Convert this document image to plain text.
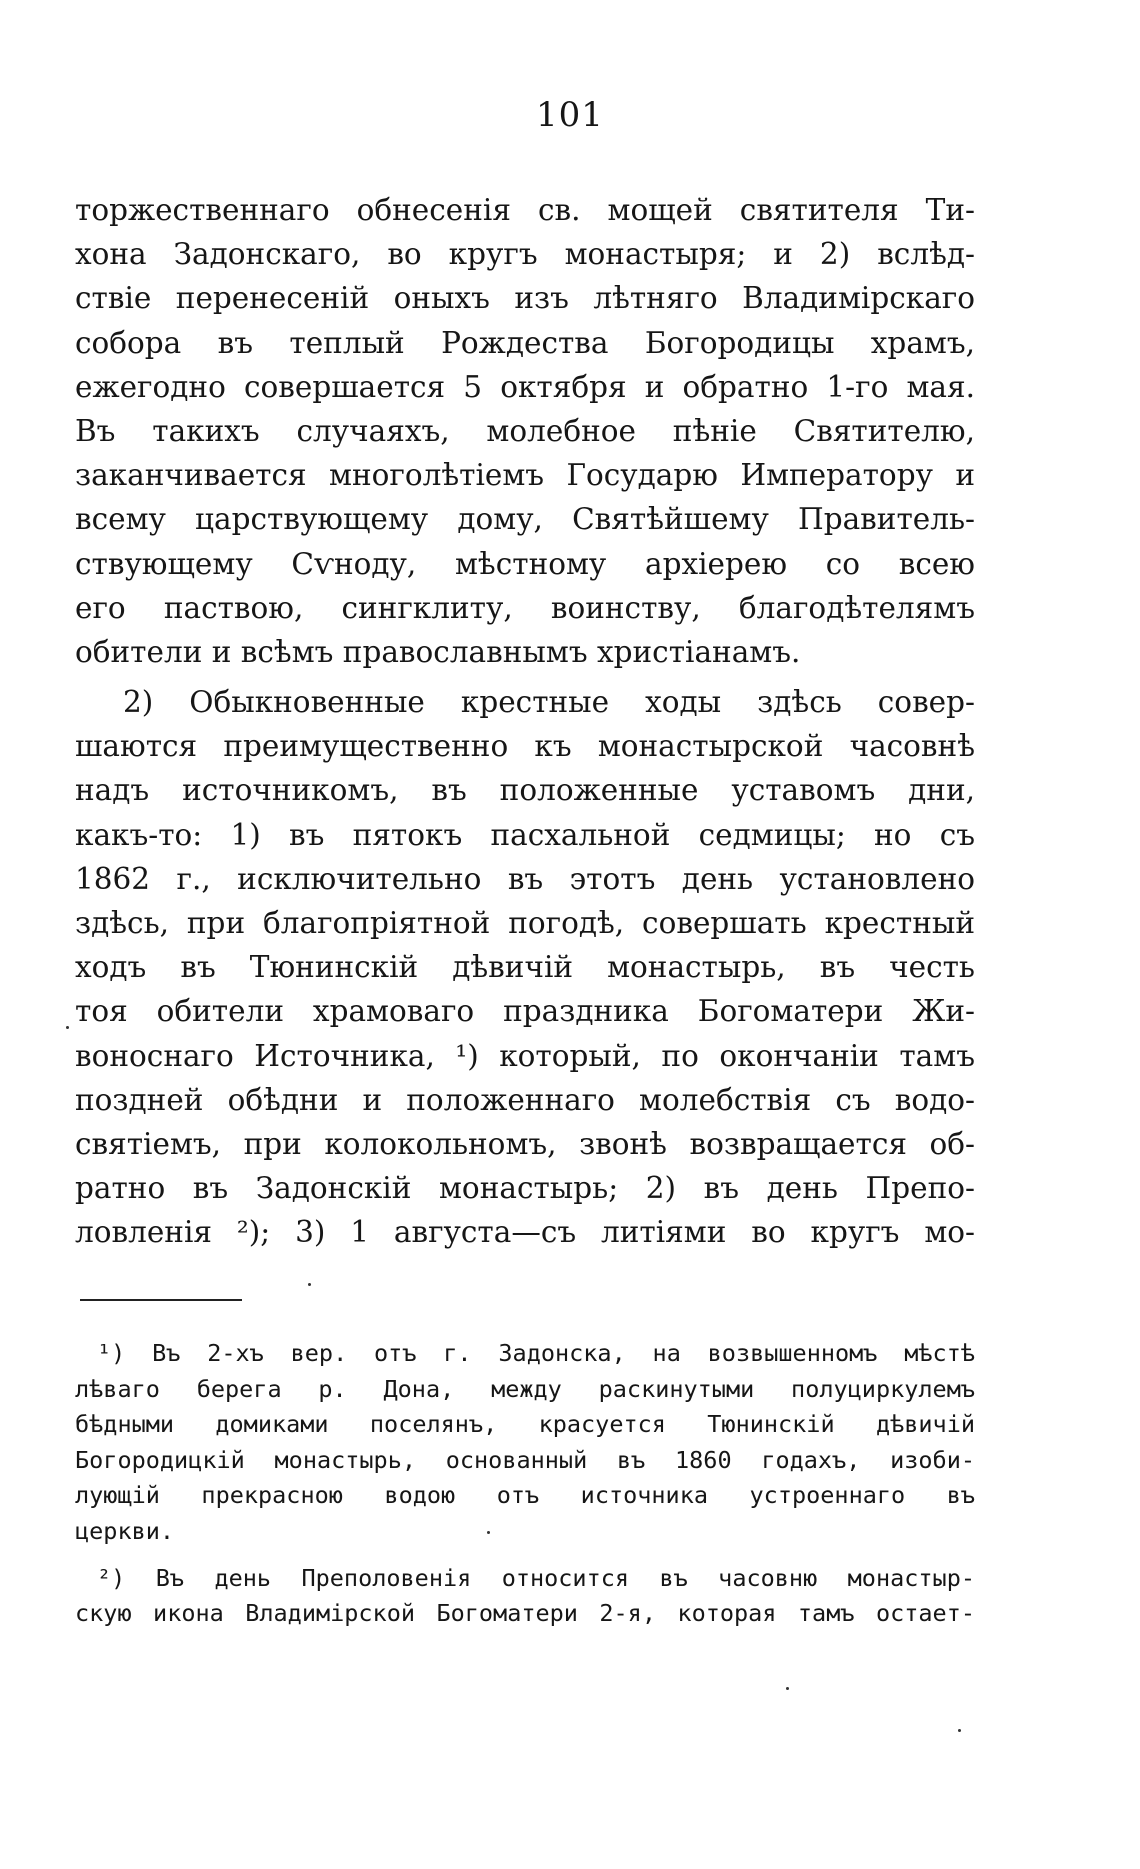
101
торжественнаго обнесенія св. мощей святителя Ти-
хона Задонскаго, во кругъ монастыря; и 2) вслѣд-
ствіе перенесеній оныхъ изъ лѣтняго Владимірскаго
собора въ теплый Рождества Богородицы храмъ,
ежегодно совершается 5 октября и обратно 1-го мая.
Въ такихъ случаяхъ, молебное пѣніе Святителю,
заканчивается многолѣтіемъ Государю Императору и
всему царствующему дому, Святѣйшему Правитель-
ствующему Сѵноду, мѣстному архіерею со всею
его паствою, сингклиту, воинству, благодѣтелямъ
обители и всѣмъ православнымъ христіанамъ.
2) Обыкновенные крестные ходы здѣсь совер-
шаются преимущественно къ монастырской часовнѣ
надъ источникомъ, въ положенные уставомъ дни,
какъ-то: 1) въ пятокъ пасхальной седмицы; но съ
1862 г., исключительно въ этотъ день установлено
здѣсь, при благопріятной погодѣ, совершать крестный
ходъ въ Тюнинскій дѣвичій монастырь, въ честь
тоя обители храмоваго праздника Богоматери Жи-
воноснаго Источника, ¹) который, по окончаніи тамъ
поздней обѣдни и положеннаго молебствія съ водо-
святіемъ, при колокольномъ, звонѣ возвращается об-
ратно въ Задонскій монастырь; 2) въ день Препо-
ловленія ²); 3) 1 августа—съ литіями во кругъ мо-
¹) Въ 2-хъ вер. отъ г. Задонска, на возвышенномъ мѣстѣ
лѣваго берега р. Дона, между раскинутыми полуциркулемъ
бѣдными домиками поселянъ, красуется Тюнинскій дѣвичій
Богородицкій монастырь, основанный въ 1860 годахъ, изоби-
лующій прекрасною водою отъ источника устроеннаго въ
церкви.
²) Въ день Преполовенія относится въ часовню монастыр-
скую икона Владимірской Богоматери 2-я, которая тамъ остает-
